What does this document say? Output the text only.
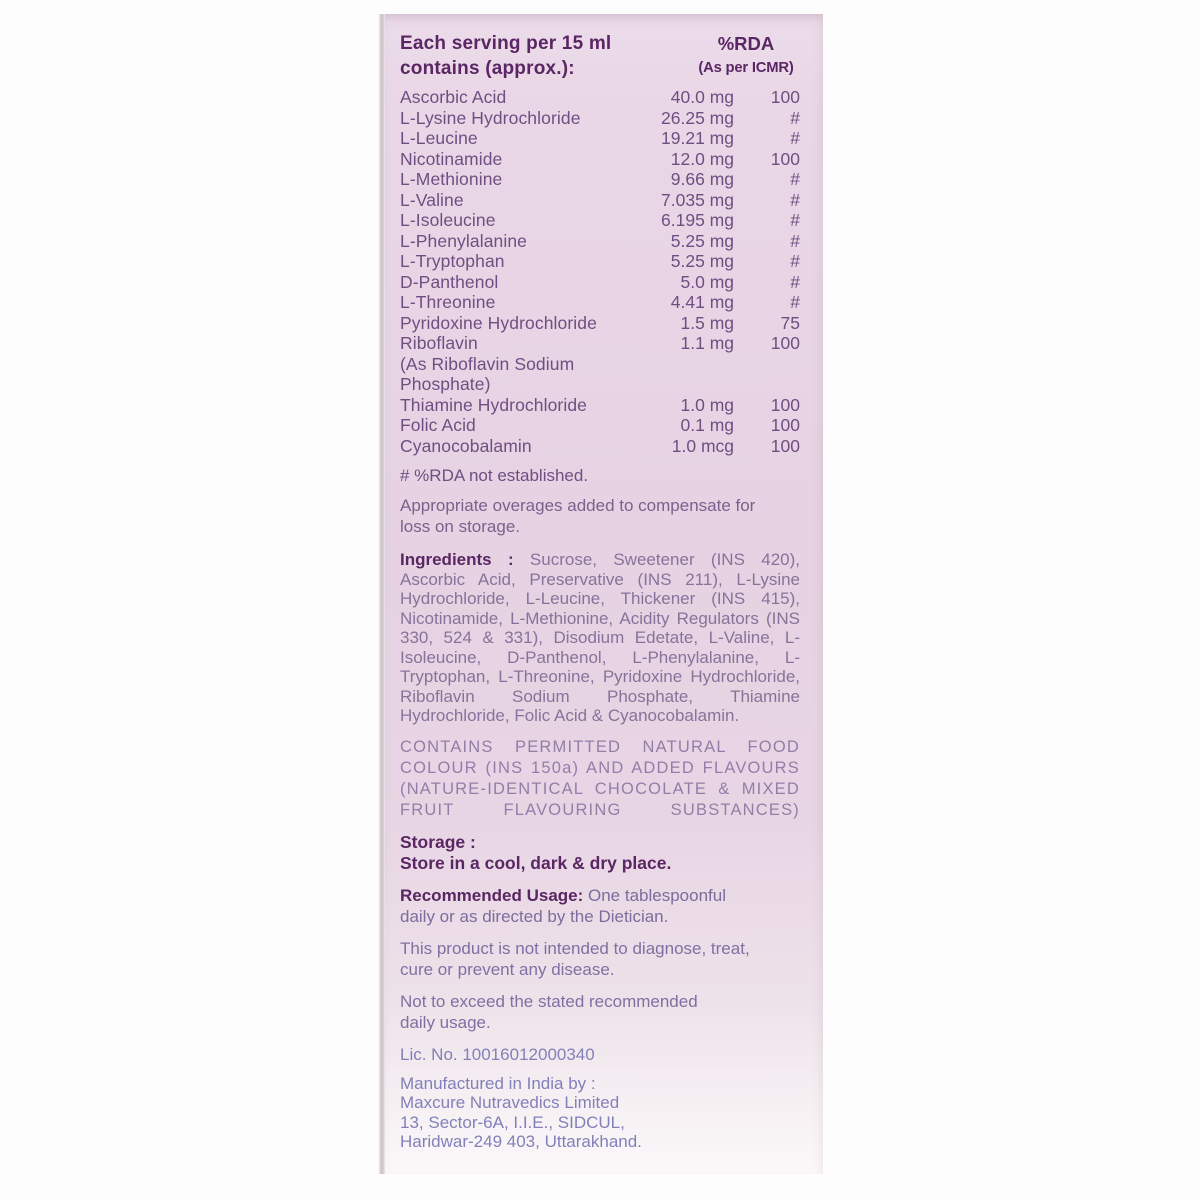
Each serving per 15 ml	%RDA
contains (approx.):	(As per ICMR)
Ascorbic Acid	40.0 mg	100
L-Lysine Hydrochloride	26.25 mg	#
L-Leucine	19.21 mg	#
Nicotinamide	12.0 mg	100
L-Methionine	9.66 mg	#
L-Valine	7.035 mg	#
L-Isoleucine	6.195 mg	#
L-Phenylalanine	5.25 mg	#
L-Tryptophan	5.25 mg	#
D-Panthenol	5.0 mg	#
L-Threonine	4.41 mg	#
Pyridoxine Hydrochloride	1.5 mg	75
Riboflavin	1.1 mg	100
(As Riboflavin Sodium Phosphate)
Thiamine Hydrochloride	1.0 mg	100
Folic Acid	0.1 mg	100
Cyanocobalamin	1.0 mcg	100

# %RDA not established.

Appropriate overages added to compensate for loss on storage.

Ingredients : Sucrose, Sweetener (INS 420), Ascorbic Acid, Preservative (INS 211), L-Lysine Hydrochloride, L-Leucine, Thickener (INS 415), Nicotinamide, L-Methionine, Acidity Regulators (INS 330, 524 & 331), Disodium Edetate, L-Valine, L-Isoleucine, D-Panthenol, L-Phenylalanine, L-Tryptophan, L-Threonine, Pyridoxine Hydrochloride, Riboflavin Sodium Phosphate, Thiamine Hydrochloride, Folic Acid & Cyanocobalamin.

CONTAINS PERMITTED NATURAL FOOD COLOUR (INS 150a) AND ADDED FLAVOURS (NATURE-IDENTICAL CHOCOLATE & MIXED FRUIT FLAVOURING SUBSTANCES)

Storage :
Store in a cool, dark & dry place.

Recommended Usage: One tablespoonful daily or as directed by the Dietician.

This product is not intended to diagnose, treat, cure or prevent any disease.

Not to exceed the stated recommended daily usage.

Lic. No. 10016012000340

Manufactured in India by :
Maxcure Nutravedics Limited
13, Sector-6A, I.I.E., SIDCUL,
Haridwar-249 403, Uttarakhand.
